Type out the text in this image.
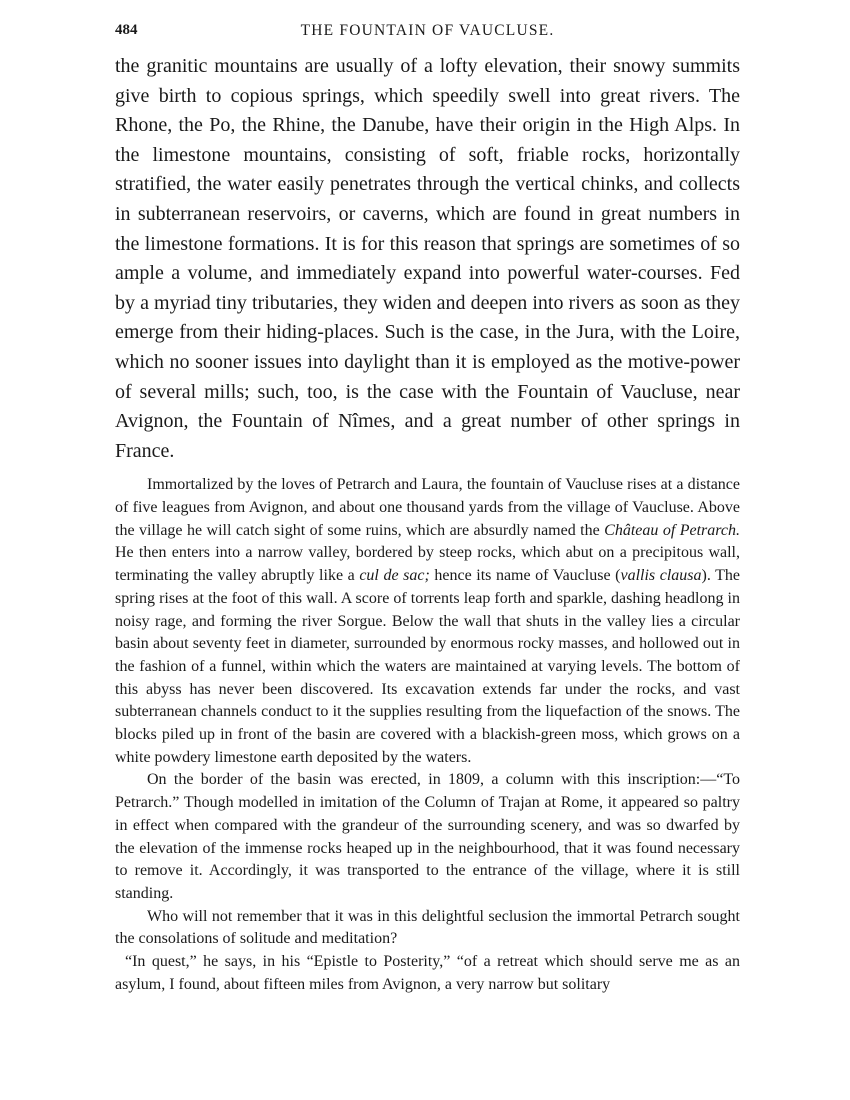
484	THE FOUNTAIN OF VAUCLUSE.

the granitic mountains are usually of a lofty elevation, their snowy summits give birth to copious springs, which speedily swell into great rivers. The Rhone, the Po, the Rhine, the Danube, have their origin in the High Alps. In the limestone mountains, consisting of soft, friable rocks, horizontally stratified, the water easily penetrates through the vertical chinks, and collects in subterranean reservoirs, or caverns, which are found in great numbers in the limestone formations. It is for this reason that springs are sometimes of so ample a volume, and immediately expand into powerful water-courses. Fed by a myriad tiny tributaries, they widen and deepen into rivers as soon as they emerge from their hiding-places. Such is the case, in the Jura, with the Loire, which no sooner issues into daylight than it is employed as the motive-power of several mills; such, too, is the case with the Fountain of Vaucluse, near Avignon, the Fountain of Nîmes, and a great number of other springs in France.

Immortalized by the loves of Petrarch and Laura, the fountain of Vaucluse rises at a distance of five leagues from Avignon, and about one thousand yards from the village of Vaucluse. Above the village he will catch sight of some ruins, which are absurdly named the Château of Petrarch. He then enters into a narrow valley, bordered by steep rocks, which abut on a precipitous wall, terminating the valley abruptly like a cul de sac; hence its name of Vaucluse (vallis clausa). The spring rises at the foot of this wall. A score of torrents leap forth and sparkle, dashing headlong in noisy rage, and forming the river Sorgue. Below the wall that shuts in the valley lies a circular basin about seventy feet in diameter, surrounded by enormous rocky masses, and hollowed out in the fashion of a funnel, within which the waters are maintained at varying levels. The bottom of this abyss has never been discovered. Its excavation extends far under the rocks, and vast subterranean channels conduct to it the supplies resulting from the liquefaction of the snows. The blocks piled up in front of the basin are covered with a blackish-green moss, which grows on a white powdery limestone earth deposited by the waters.

On the border of the basin was erected, in 1809, a column with this inscription:—“To Petrarch.” Though modelled in imitation of the Column of Trajan at Rome, it appeared so paltry in effect when compared with the grandeur of the surrounding scenery, and was so dwarfed by the elevation of the immense rocks heaped up in the neighbourhood, that it was found necessary to remove it. Accordingly, it was transported to the entrance of the village, where it is still standing.

Who will not remember that it was in this delightful seclusion the immortal Petrarch sought the consolations of solitude and meditation?

“In quest,” he says, in his “Epistle to Posterity,” “of a retreat which should serve me as an asylum, I found, about fifteen miles from Avignon, a very narrow but solitary
